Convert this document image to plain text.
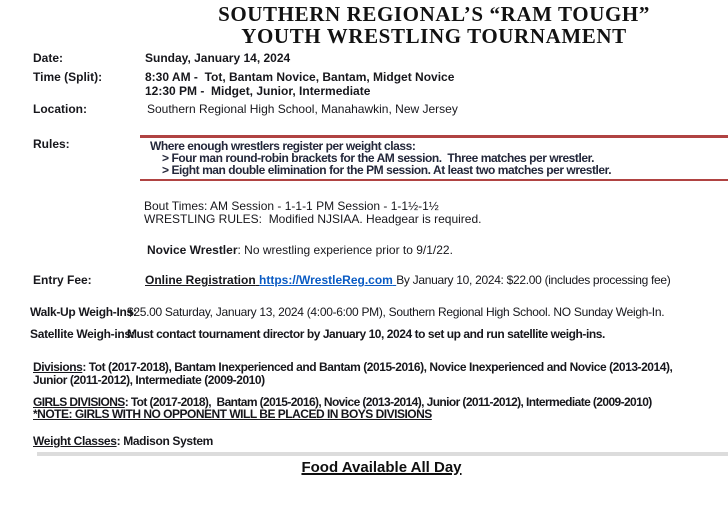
SOUTHERN REGIONAL’S “RAM TOUGH”
YOUTH WRESTLING TOURNAMENT
Date:	Sunday, January 14, 2024
Time (Split):	8:30 AM -  Tot, Bantam Novice, Bantam, Midget Novice
12:30 PM -  Midget, Junior, Intermediate
Location:	Southern Regional High School, Manahawkin, New Jersey
Rules:	Where enough wrestlers register per weight class:
> Four man round-robin brackets for the AM session.  Three matches per wrestler.
> Eight man double elimination for the PM session. At least two matches per wrestler.
Bout Times: AM Session - 1-1-1 PM Session - 1-1½-1½
WRESTLING RULES:  Modified NJSIAA. Headgear is required.
Novice Wrestler: No wrestling experience prior to 9/1/22.
Entry Fee:	Online Registration https://WrestleReg.com By January 10, 2024: $22.00 (includes processing fee)
Walk-Up Weigh-Ins:
$25.00 Saturday, January 13, 2024 (4:00-6:00 PM), Southern Regional High School. NO Sunday Weigh-In.
Satellite Weigh-ins:
Must contact tournament director by January 10, 2024 to set up and run satellite weigh-ins.
Divisions: Tot (2017-2018), Bantam Inexperienced and Bantam (2015-2016), Novice Inexperienced and Novice (2013-2014), Junior (2011-2012), Intermediate (2009-2010)
GIRLS DIVISIONS: Tot (2017-2018),  Bantam (2015-2016), Novice (2013-2014), Junior (2011-2012), Intermediate (2009-2010)
*NOTE: GIRLS WITH NO OPPONENT WILL BE PLACED IN BOYS DIVISIONS
Weight Classes: Madison System
Food Available All Day
